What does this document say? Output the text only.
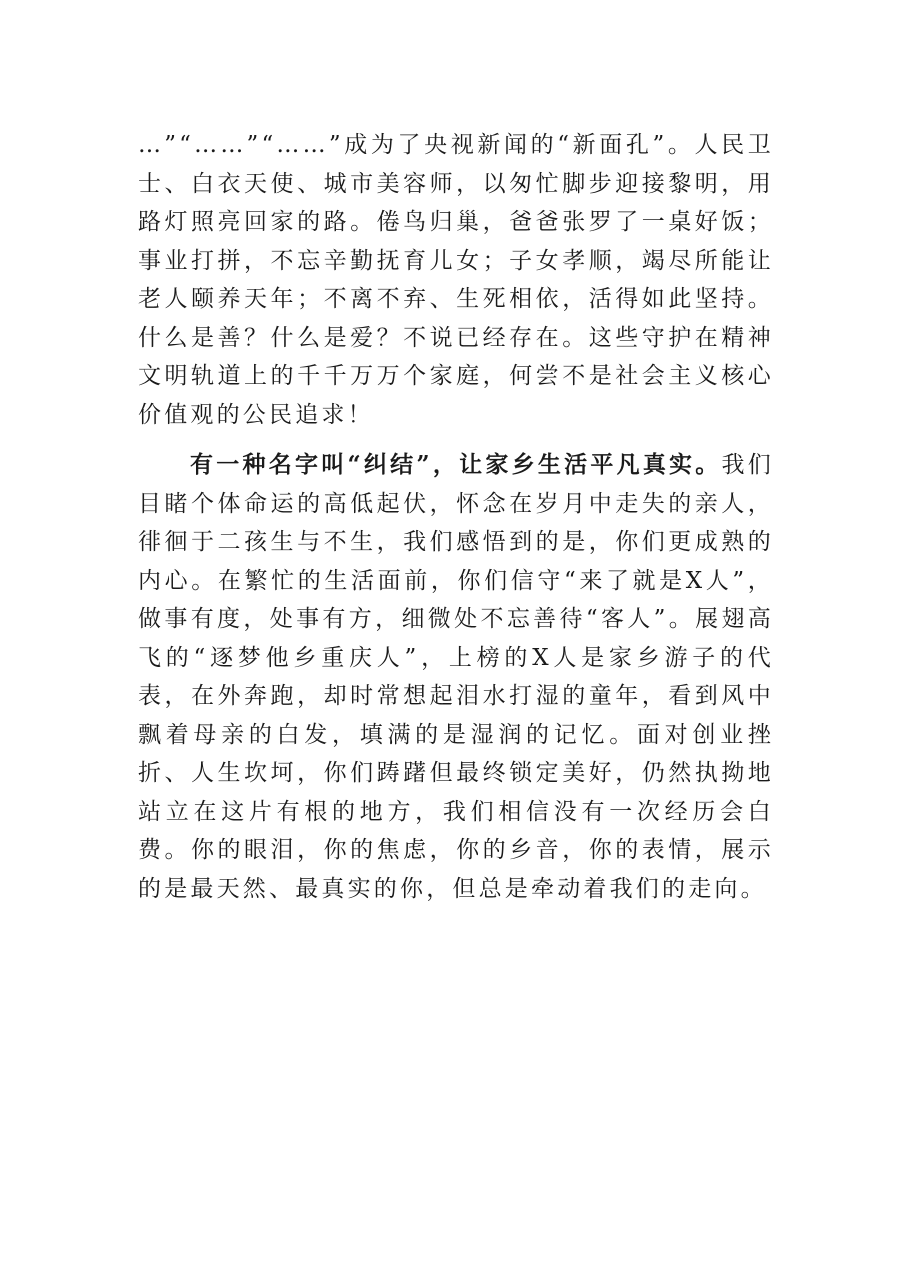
…”“……”“……”成为了央视新闻的“新面孔”。人民卫士、白衣天使、城市美容师，以匆忙脚步迎接黎明，用路灯照亮回家的路。倦鸟归巢，爸爸张罗了一桌好饭；事业打拼，不忘辛勤抚育儿女；子女孝顺，竭尽所能让老人颐养天年；不离不弃、生死相依，活得如此坚持。什么是善？什么是爱？不说已经存在。这些守护在精神文明轨道上的千千万万个家庭，何尝不是社会主义核心价值观的公民追求！

有一种名字叫“纠结”，让家乡生活平凡真实。我们目睹个体命运的高低起伏，怀念在岁月中走失的亲人，徘徊于二孩生与不生，我们感悟到的是，你们更成熟的内心。在繁忙的生活面前，你们信守“来了就是X人”，做事有度，处事有方，细微处不忘善待“客人”。展翅高飞的“逐梦他乡重庆人”，上榜的X人是家乡游子的代表，在外奔跑，却时常想起泪水打湿的童年，看到风中飘着母亲的白发，填满的是湿润的记忆。面对创业挫折、人生坎坷，你们踌躇但最终锁定美好，仍然执拗地站立在这片有根的地方，我们相信没有一次经历会白费。你的眼泪，你的焦虑，你的乡音，你的表情，展示的是最天然、最真实的你，但总是牵动着我们的走向。
